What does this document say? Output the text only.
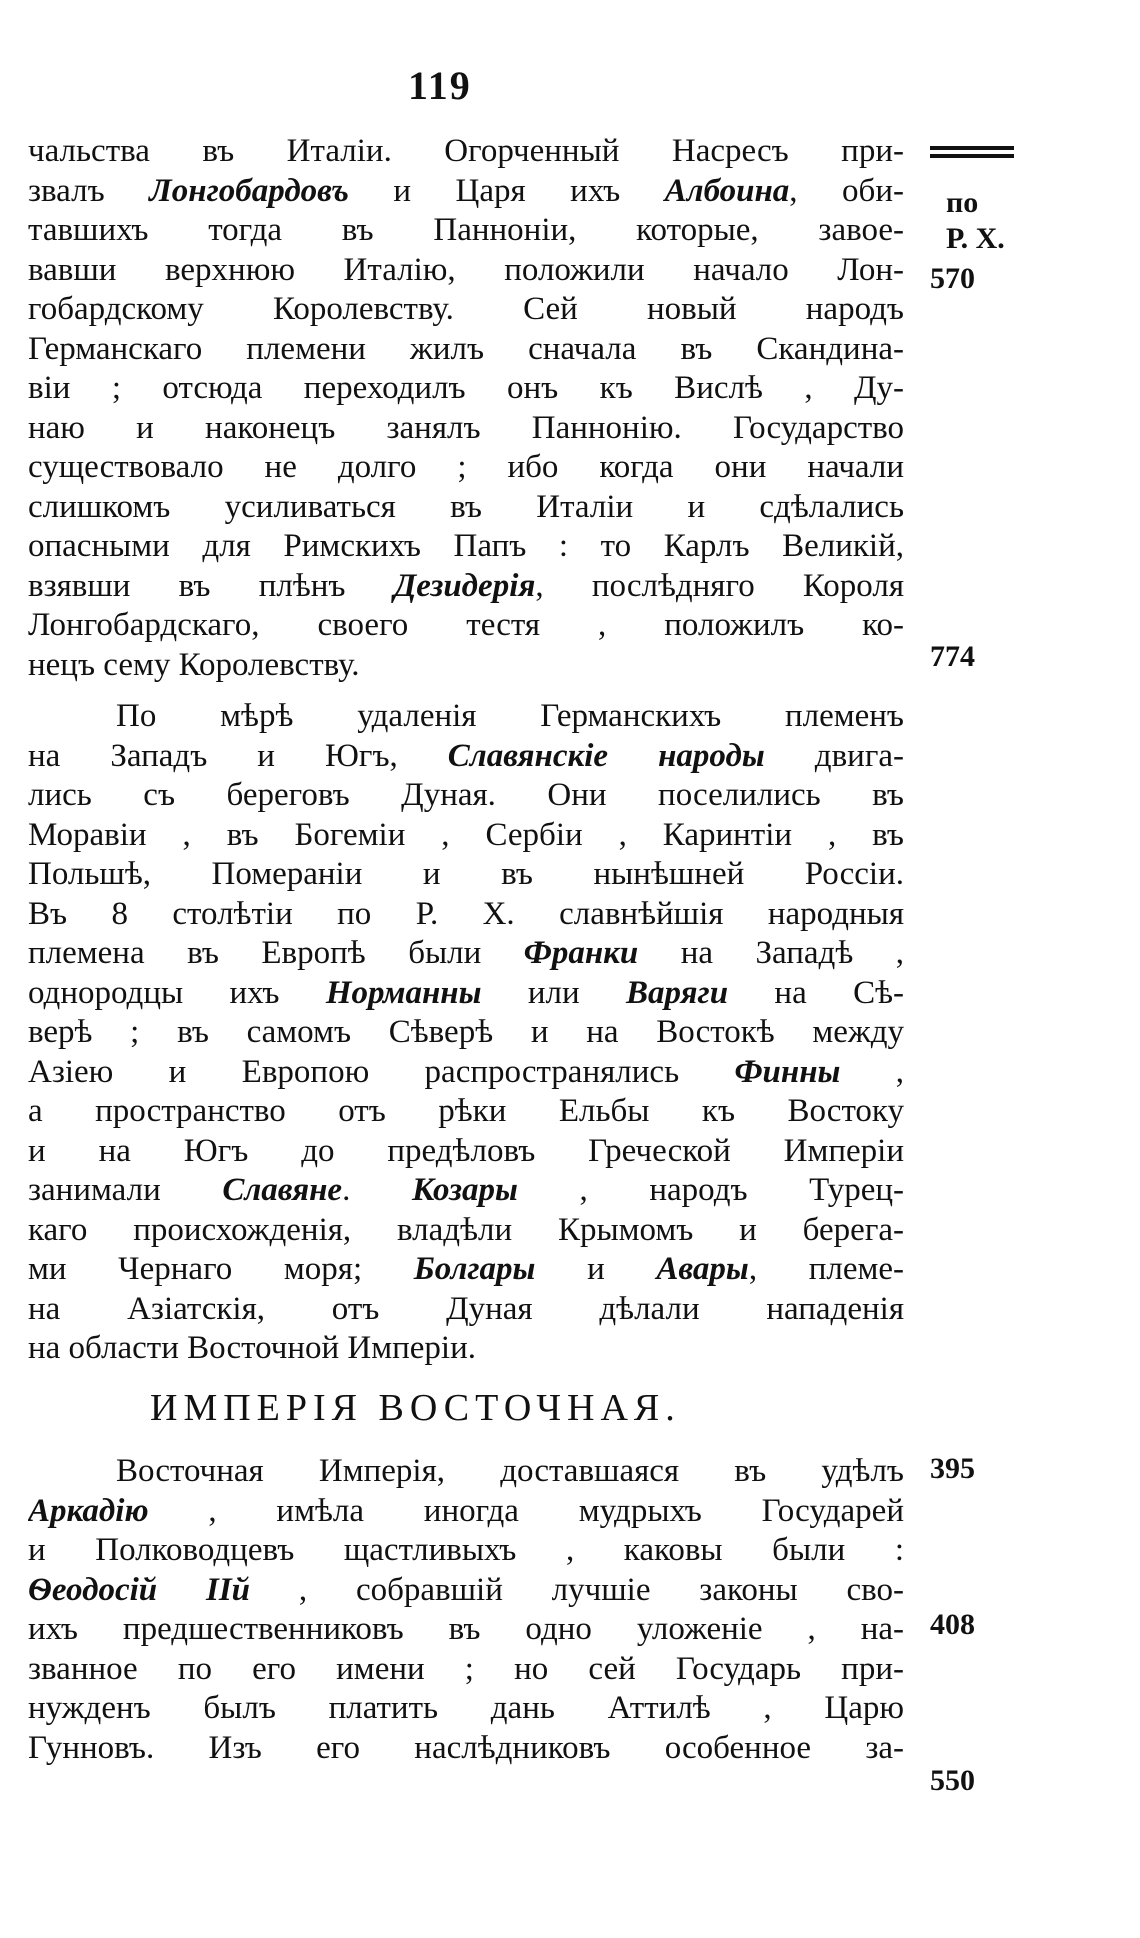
119
по
Р. Х.
570
774
395
408
550
чальства въ Италіи. Огорченный Насресъ при-
звалъ Лонгобардовъ и Царя ихъ Албоина, оби-
тавшихъ тогда въ Паннонiи, которые, завое-
вавши верхнюю Италію, положили начало Лон-
гобардскому Королевству. Сей новый народъ
Германскаго племени жилъ сначала въ Скандина-
віи ; отсюда переходилъ онъ къ Вислѣ , Ду-
наю и наконецъ занялъ Паннонію. Государство
существовало не долго ; ибо когда они начали
слишкомъ усиливаться въ Италіи и сдѣлались
опасными для Римскихъ Папъ : то Карлъ Великій,
взявши въ плѣнъ Дезидерія, послѣдняго Короля
Лонгобардскаго, своего тестя , положилъ ко-
нецъ сему Королевству.
По мѣрѣ удаленія Германскихъ племенъ
на Западъ и Югъ, Славянскіе народы двига-
лись съ береговъ Дуная. Они поселились въ
Моравіи , въ Богеміи , Сербіи , Каринтіи , въ
Польшѣ, Помераніи и въ нынѣшней Россіи.
Въ 8 столѣтіи по Р. Х. славнѣйшія народныя
племена въ Европѣ были Франки на Западѣ ,
однородцы ихъ Норманны или Варяги на Сѣ-
верѣ ; въ самомъ Сѣверѣ и на Востокѣ между
Азіею и Европою распространялись Финны ,
а пространство отъ рѣки Ельбы къ Востоку
и на Югъ до предѣловъ Греческой Имперіи
занимали Славяне. Козары , народъ Турец-
каго происхожденія, владѣли Крымомъ и берега-
ми Чернаго моря; Болгары и Авары, племе-
на Азіатскія, отъ Дуная дѣлали нападенія
на области Восточной Имперіи.
ИМПЕРІЯ ВОСТОЧНАЯ.
Восточная Имперія, доставшаяся въ удѣлъ
Аркадію , имѣла иногда мудрыхъ Государей
и Полководцевъ щастливыхъ , каковы были :
Ѳеодосій IIй , собравшій лучшіе законы сво-
ихъ предшественниковъ въ одно уложеніе , на-
званное по его имени ; но сей Государь при-
нужденъ былъ платить дань Аттилѣ , Царю
Гунновъ. Изъ его наслѣдниковъ особенное за-
